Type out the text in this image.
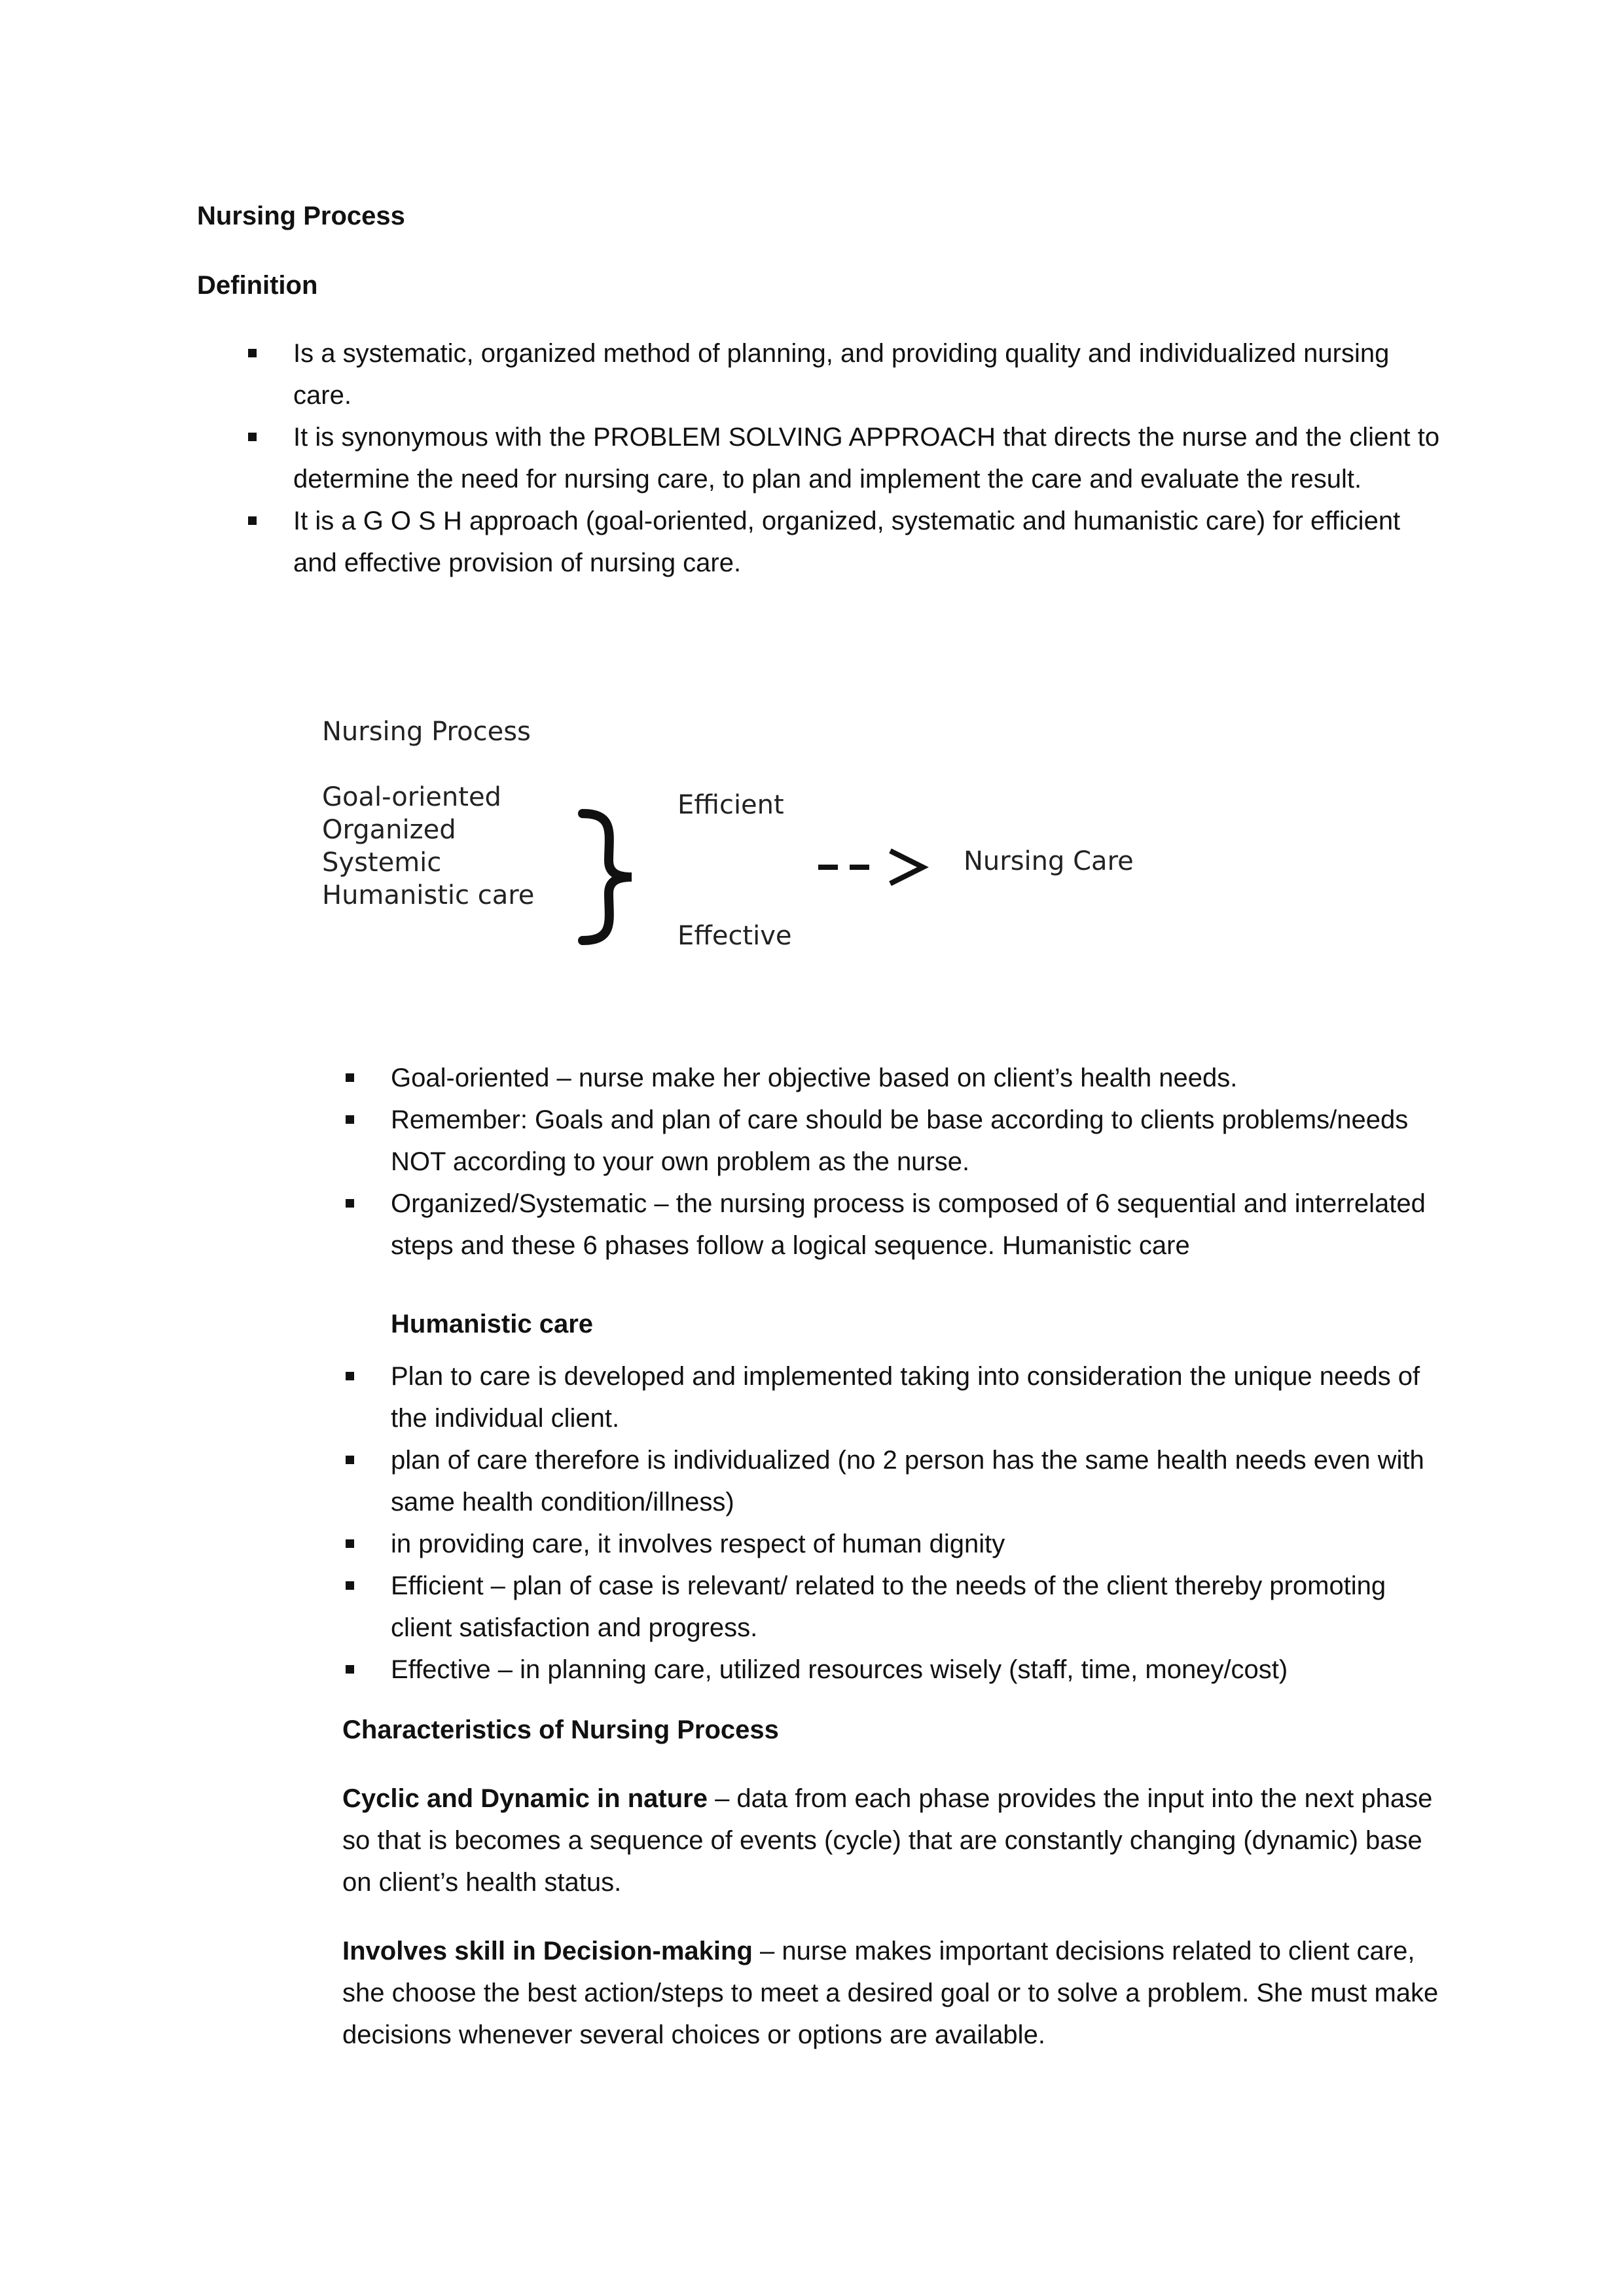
Nursing Process
Definition
Is a systematic, organized method of planning, and providing quality and individualized nursing care.
It is synonymous with the PROBLEM SOLVING APPROACH that directs the nurse and the client to determine the need for nursing care, to plan and implement the care and evaluate the result.
It is a G O S H approach (goal-oriented, organized, systematic and humanistic care) for efficient and effective provision of nursing care.
Nursing Process
Goal-oriented
Organized
Systemic
Humanistic care
Efficient
Effective
Nursing Care
Goal-oriented – nurse make her objective based on client’s health needs.
Remember: Goals and plan of care should be base according to clients problems/needs NOT according to your own problem as the nurse.
Organized/Systematic – the nursing process is composed of 6 sequential and interrelated steps and these 6 phases follow a logical sequence. Humanistic care
Humanistic care
Plan to care is developed and implemented taking into consideration the unique needs of the individual client.
plan of care therefore is individualized (no 2 person has the same health needs even with same health condition/illness)
in providing care, it involves respect of human dignity
Efficient – plan of case is relevant/ related to the needs of the client thereby promoting client satisfaction and progress.
Effective – in planning care, utilized resources wisely (staff, time, money/cost)
Characteristics of Nursing Process
Cyclic and Dynamic in nature – data from each phase provides the input into the next phase so that is becomes a sequence of events (cycle) that are constantly changing (dynamic) base on client’s health status.
Involves skill in Decision-making – nurse makes important decisions related to client care, she choose the best action/steps to meet a desired goal or to solve a problem. She must make decisions whenever several choices or options are available.
